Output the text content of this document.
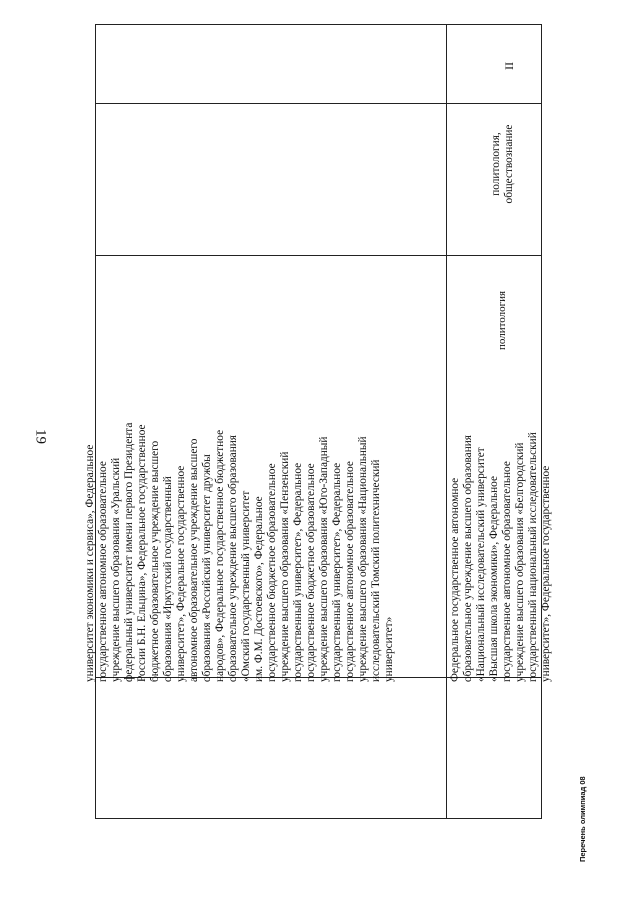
19
университет экономики и сервиса», Федеральное государственное автономное образовательное учреждение высшего образования «Уральский федеральный университет имени первого Президента России Б.Н. Ельцина», Федеральное государственное бюджетное образовательное учреждение высшего образования «Иркутский государственный университет», Федеральное государственное автономное образовательное учреждение высшего образования «Российский университет дружбы народов», Федеральное государственное бюджетное образовательное учреждение высшего образования «Омский государственный университет им. Ф.М. Достоевского», Федеральное государственное бюджетное образовательное учреждение высшего образования «Пензенский государственный университет», Федеральное государственное бюджетное образовательное учреждение высшего образования «Юго-Западный государственный университет», Федеральное государственное автономное образовательное учреждение высшего образования «Национальный исследовательский Томский политехнический университет»	Федеральное государственное автономное образовательное учреждение высшего образования «Национальный исследовательский университет «Высшая школа экономики», Федеральное государственное автономное образовательное учреждение высшего образования «Белгородский государственный национальный исследовательский университет», Федеральное государственное
политология
политология, обществознание
II
Перечень олимпиад 08
